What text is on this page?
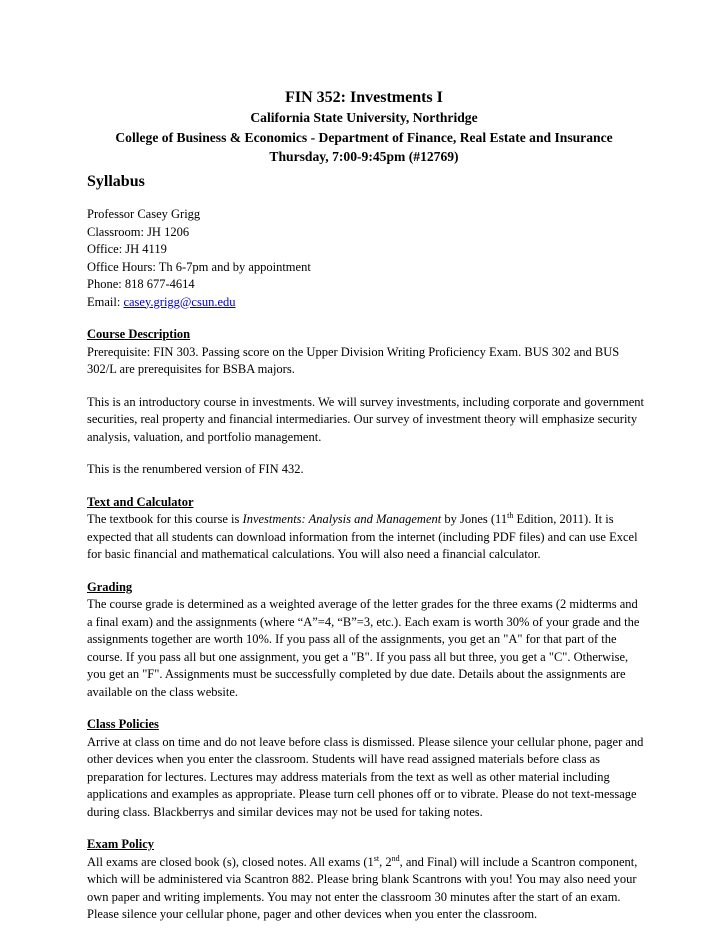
FIN 352: Investments I
California State University, Northridge
College of Business & Economics - Department of Finance, Real Estate and Insurance
Thursday, 7:00-9:45pm (#12769)
Syllabus

Professor Casey Grigg

Classroom: JH 1206

Office: JH 4119

Office Hours: Th 6-7pm and by appointment

Phone: 818 677-4614

Email: casey.grigg@csun.edu

Course Description

Prerequisite: FIN 303. Passing score on the Upper Division Writing Proficiency Exam. BUS 302 and BUS 302/L are prerequisites for BSBA majors.

This is an introductory course in investments. We will survey investments, including corporate and government securities, real property and financial intermediaries. Our survey of investment theory will emphasize security analysis, valuation, and portfolio management.

This is the renumbered version of FIN 432.

Text and Calculator

The textbook for this course is Investments: Analysis and Management by Jones (11th Edition, 2011). It is expected that all students can download information from the internet (including PDF files) and can use Excel for basic financial and mathematical calculations. You will also need a financial calculator.

Grading

The course grade is determined as a weighted average of the letter grades for the three exams (2 midterms and a final exam) and the assignments (where “A”=4, “B”=3, etc.). Each exam is worth 30% of your grade and the assignments together are worth 10%. If you pass all of the assignments, you get an "A" for that part of the course. If you pass all but one assignment, you get a "B". If you pass all but three, you get a "C". Otherwise, you get an "F". Assignments must be successfully completed by due date. Details about the assignments are available on the class website.

Class Policies

Arrive at class on time and do not leave before class is dismissed. Please silence your cellular phone, pager and other devices when you enter the classroom. Students will have read assigned materials before class as preparation for lectures. Lectures may address materials from the text as well as other material including applications and examples as appropriate. Please turn cell phones off or to vibrate. Please do not text-message during class. Blackberrys and similar devices may not be used for taking notes.

Exam Policy

All exams are closed book (s), closed notes. All exams (1st, 2nd, and Final) will include a Scantron component, which will be administered via Scantron 882. Please bring blank Scantrons with you! You may also need your own paper and writing implements. You may not enter the classroom 30 minutes after the start of an exam. Please silence your cellular phone, pager and other devices when you enter the classroom.
